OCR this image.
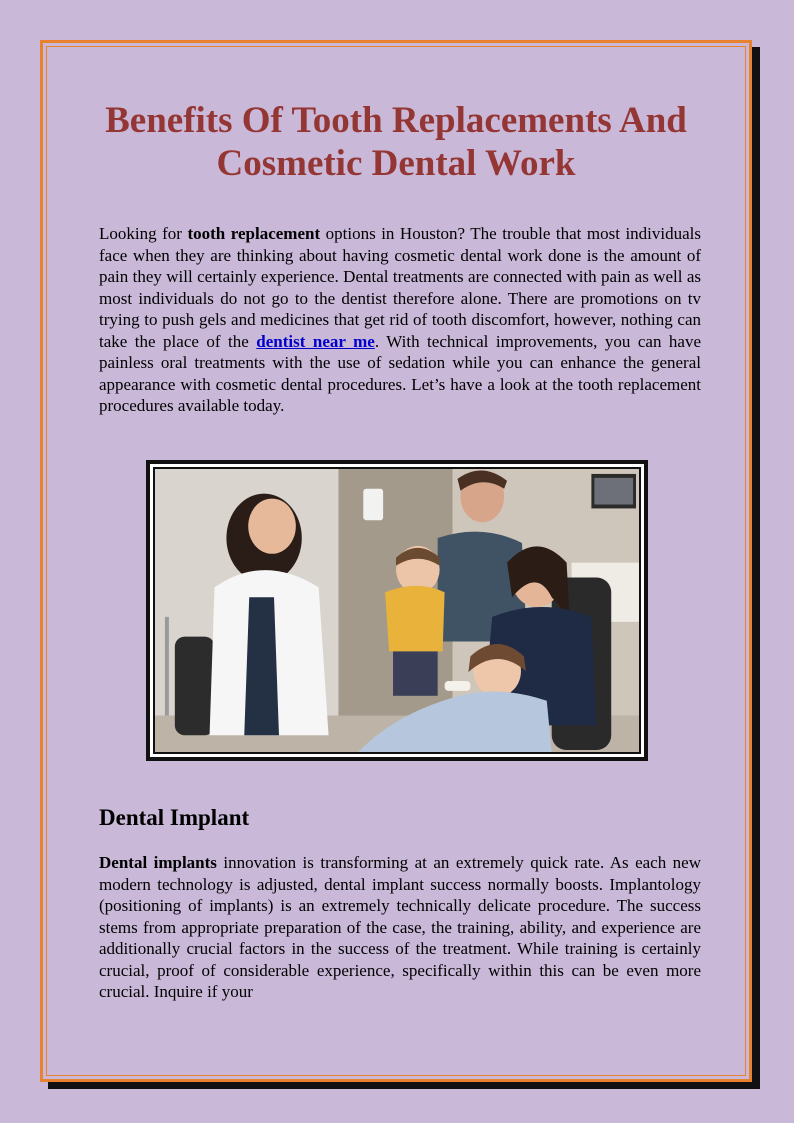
Benefits Of Tooth Replacements And Cosmetic Dental Work

Looking for tooth replacement options in Houston? The trouble that most individuals face when they are thinking about having cosmetic dental work done is the amount of pain they will certainly experience. Dental treatments are connected with pain as well as most individuals do not go to the dentist therefore alone. There are promotions on tv trying to push gels and medicines that get rid of tooth discomfort, however, nothing can take the place of the dentist near me. With technical improvements, you can have painless oral treatments with the use of sedation while you can enhance the general appearance with cosmetic dental procedures. Let’s have a look at the tooth replacement procedures available today.

Dental Implant

Dental implants innovation is transforming at an extremely quick rate. As each new modern technology is adjusted, dental implant success normally boosts. Implantology (positioning of implants) is an extremely technically delicate procedure. The success stems from appropriate preparation of the case, the training, ability, and experience are additionally crucial factors in the success of the treatment. While training is certainly crucial, proof of considerable experience, specifically within this can be even more crucial. Inquire if your
